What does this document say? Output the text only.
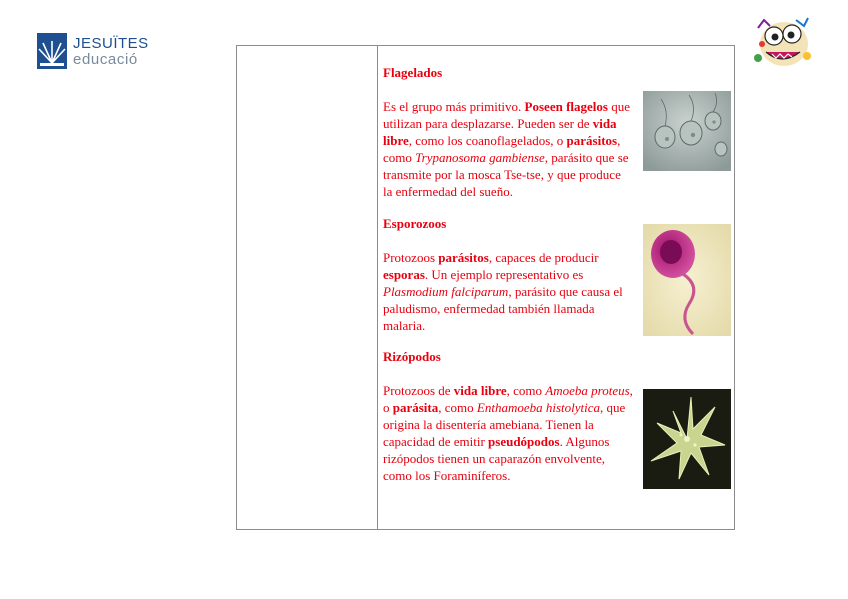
JESUÏTES
educació
Flagelados

Es el grupo más primitivo. Poseen flagelos que utilizan para desplazarse. Pueden ser de vida libre, como los coanoflagelados, o parásitos, como Trypanosoma gambiense, parásito que se transmite por la mosca Tse-tse, y que produce la enfermedad del sueño.

Esporozoos

Protozoos parásitos, capaces de producir esporas. Un ejemplo representativo es Plasmodium falciparum, parásito que causa el paludismo, enfermedad también llamada malaria.

Rizópodos

Protozoos de vida libre, como Amoeba proteus, o parásita, como Enthamoeba histolytica, que origina la disentería amebiana. Tienen la capacidad de emitir pseudópodos. Algunos rizópodos tienen un caparazón envolvente, como los Foraminíferos.
